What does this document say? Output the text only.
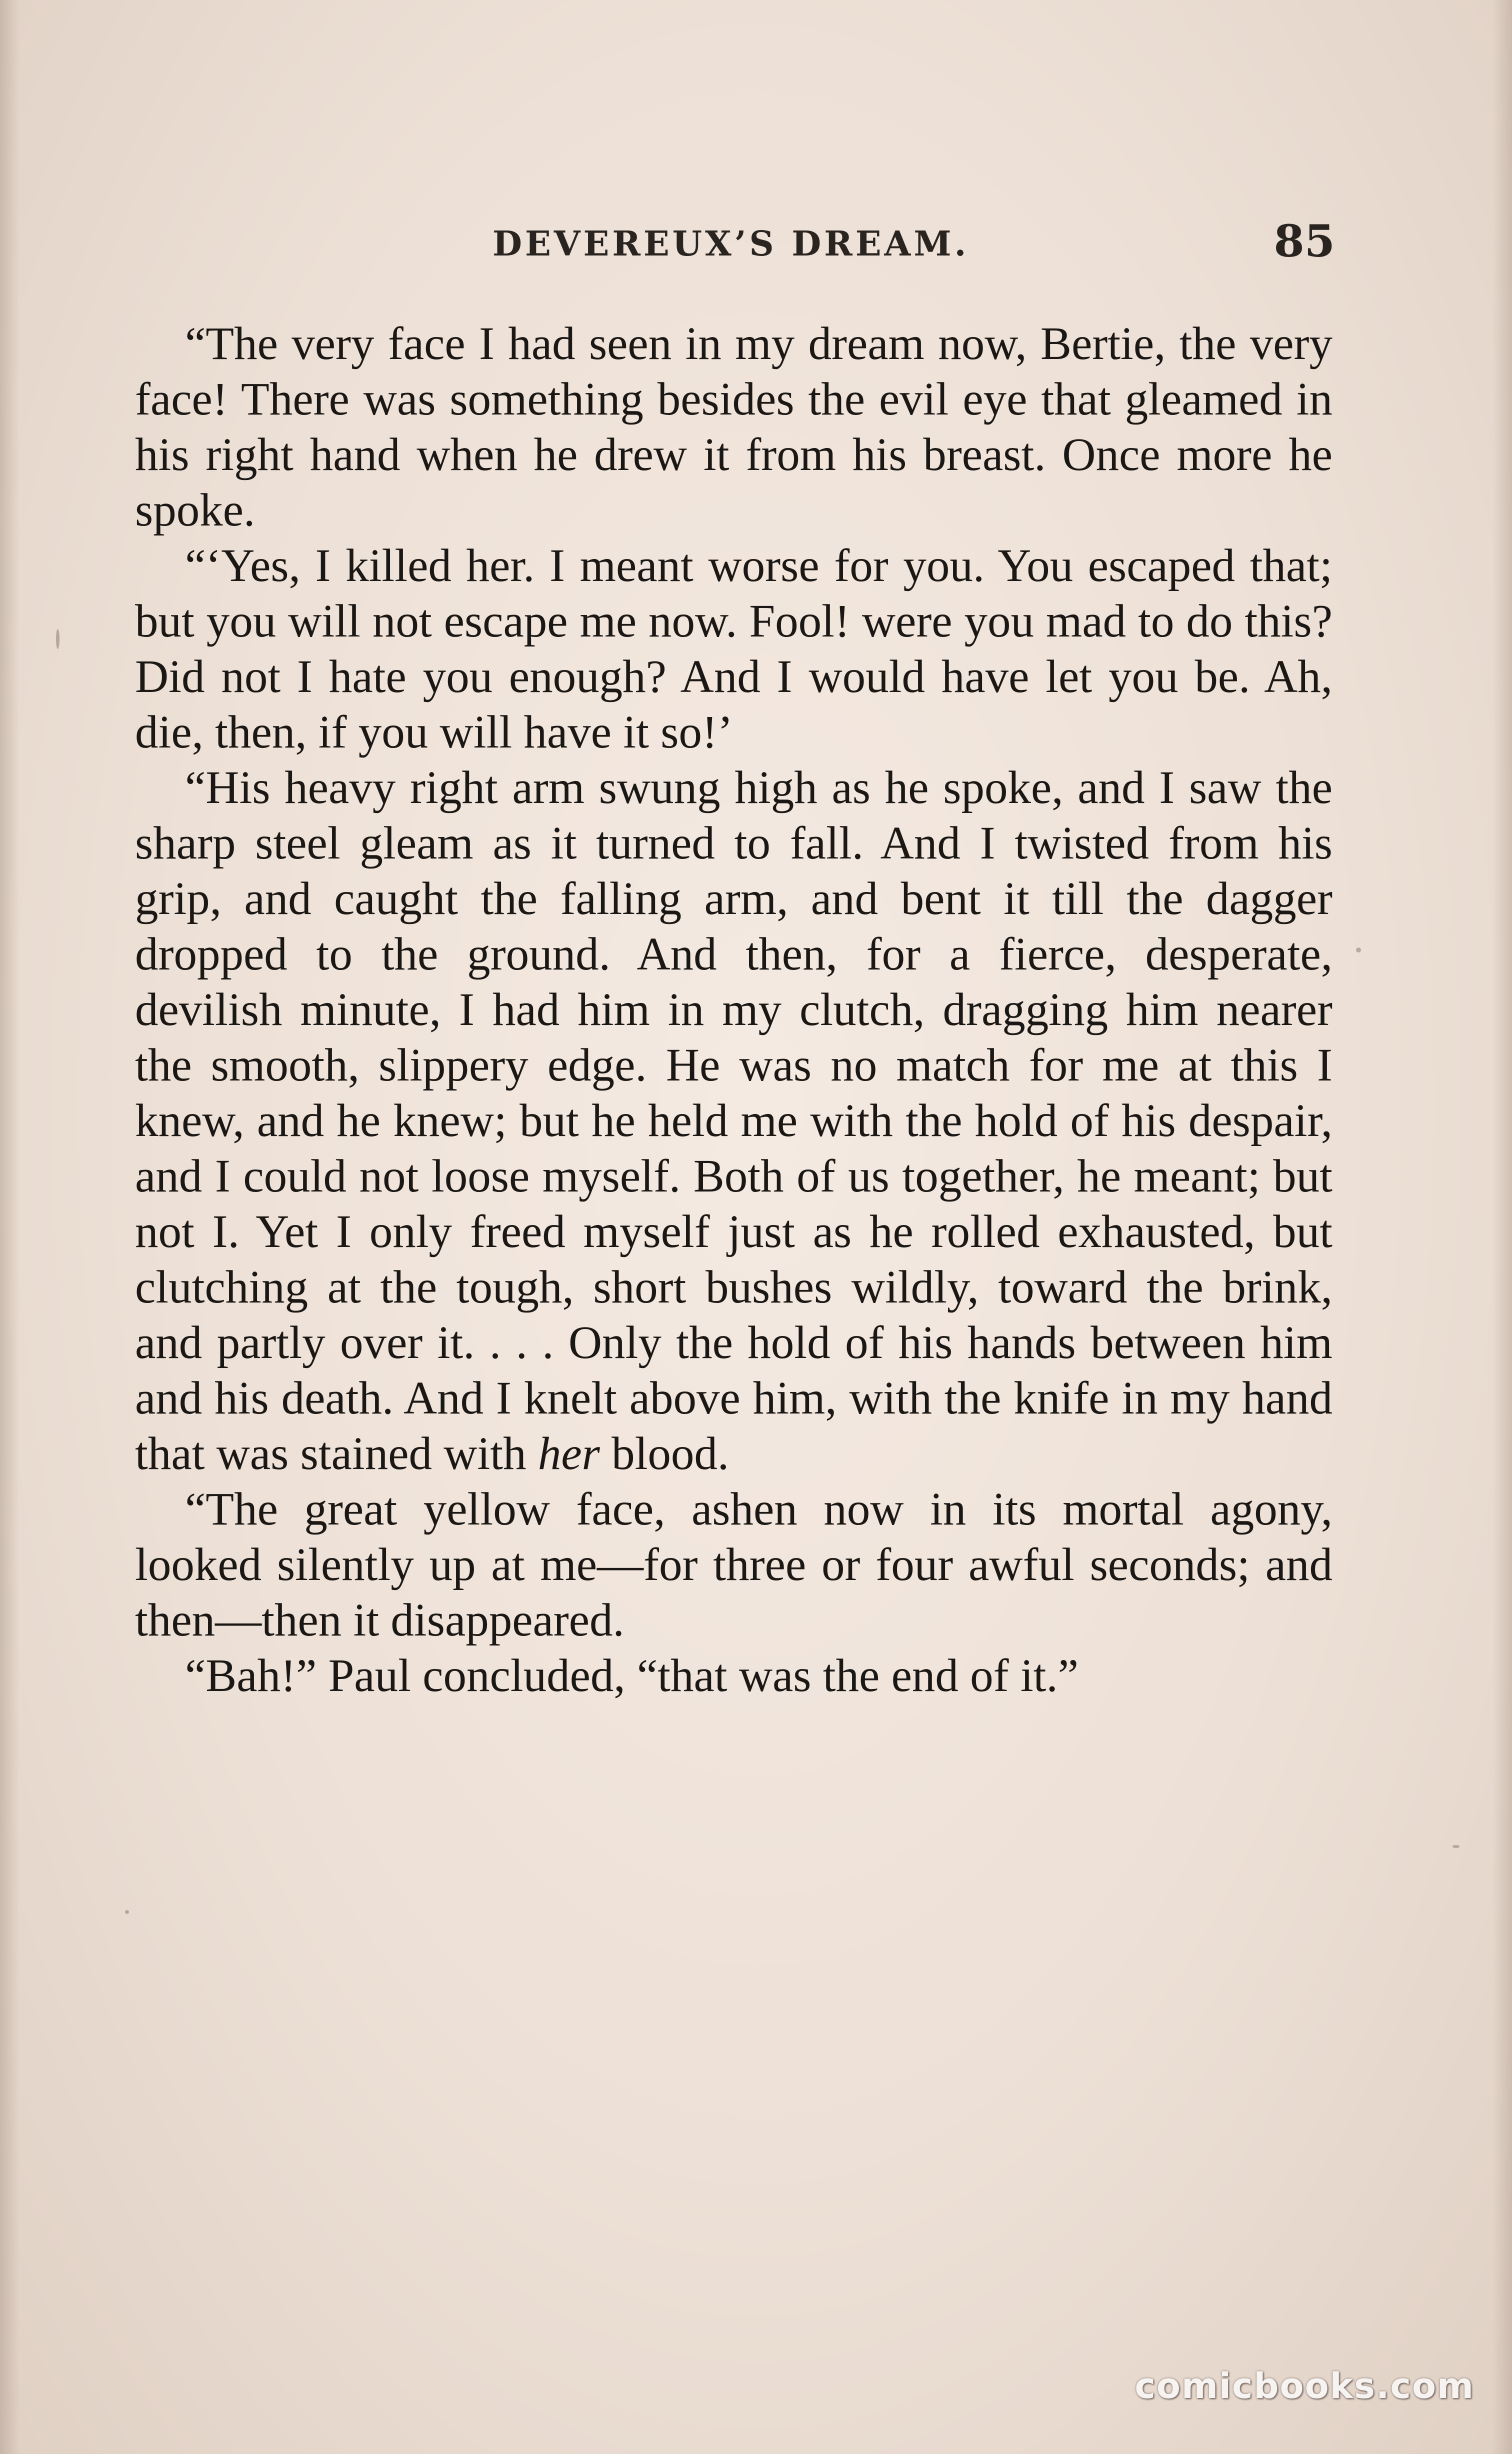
DEVEREUX’S DREAM.	85

“The very face I had seen in my dream now, Bertie, the very face! There was something besides the evil eye that gleamed in his right hand when he drew it from his breast. Once more he spoke.

“‘Yes, I killed her. I meant worse for you. You escaped that; but you will not escape me now. Fool! were you mad to do this? Did not I hate you enough? And I would have let you be. Ah, die, then, if you will have it so!’

“His heavy right arm swung high as he spoke, and I saw the sharp steel gleam as it turned to fall. And I twisted from his grip, and caught the falling arm, and bent it till the dagger dropped to the ground. And then, for a fierce, desperate, devilish minute, I had him in my clutch, dragging him nearer the smooth, slippery edge. He was no match for me at this I knew, and he knew; but he held me with the hold of his despair, and I could not loose myself. Both of us together, he meant; but not I. Yet I only freed myself just as he rolled exhausted, but clutching at the tough, short bushes wildly, toward the brink, and partly over it. . . . Only the hold of his hands between him and his death. And I knelt above him, with the knife in my hand that was stained with her blood.

“The great yellow face, ashen now in its mortal agony, looked silently up at me—for three or four awful seconds; and then—then it disappeared.

“Bah!” Paul concluded, “that was the end of it.”

comicbooks.com
